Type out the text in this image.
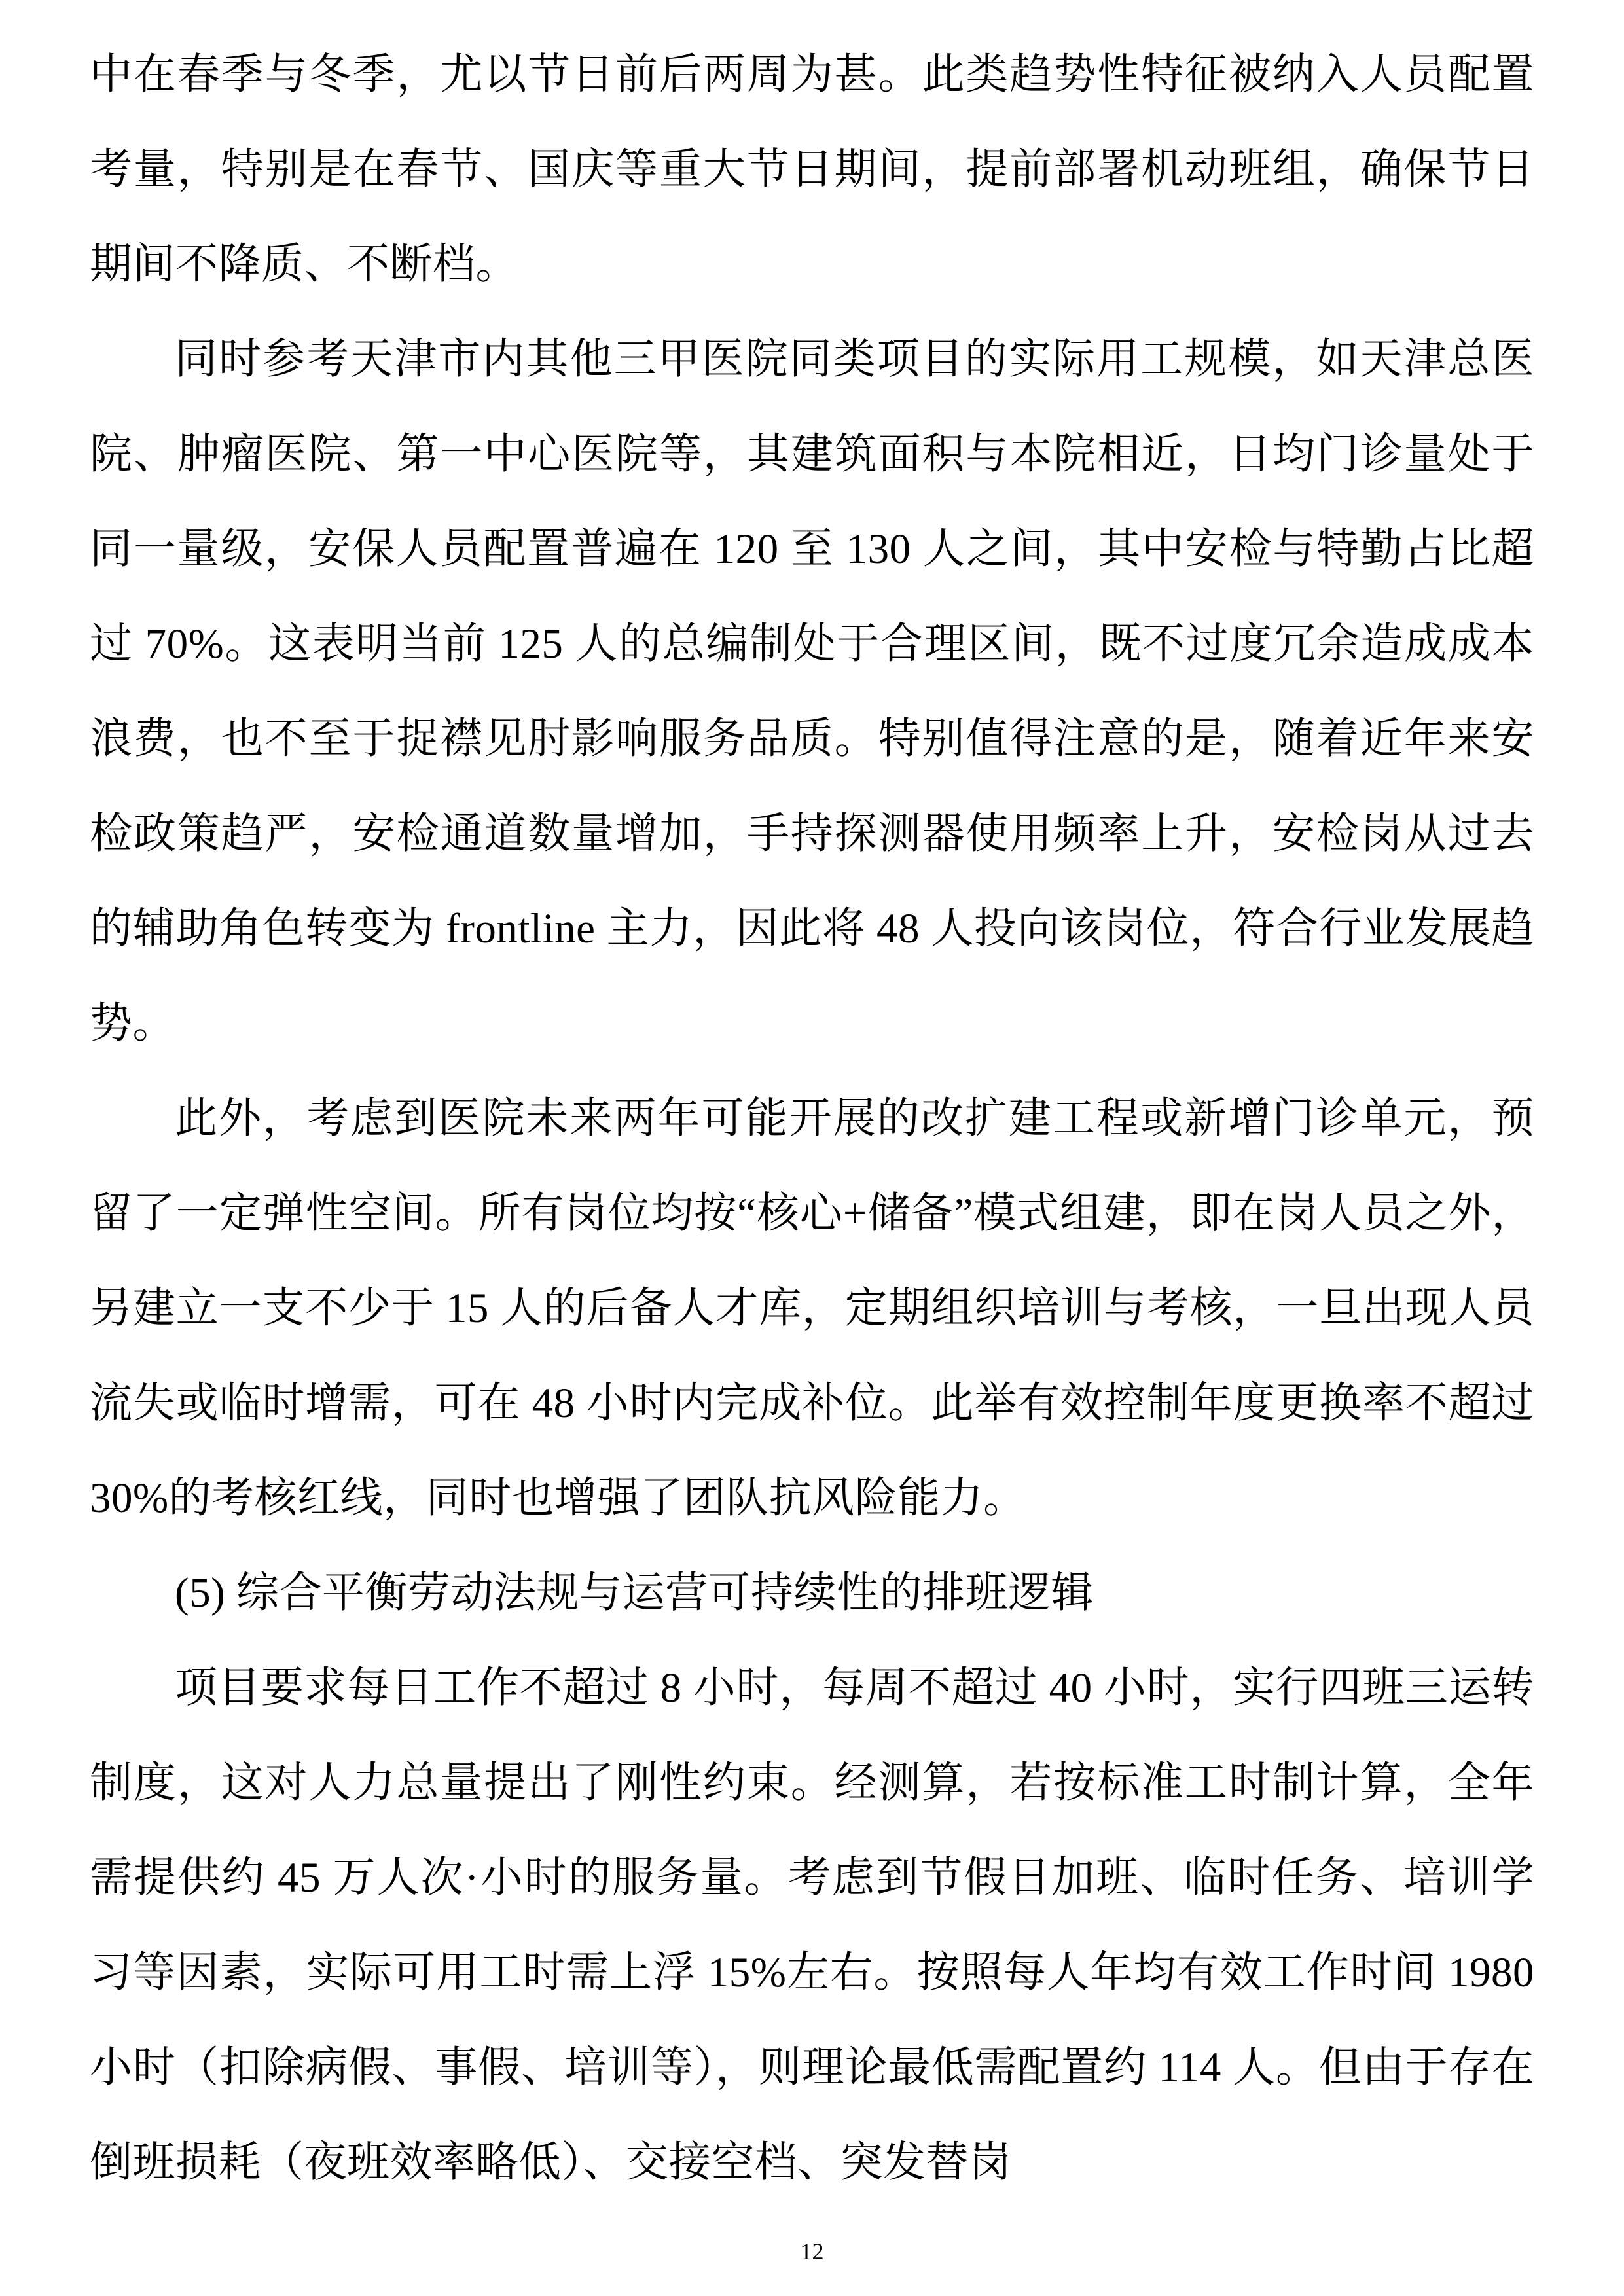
中在春季与冬季，尤以节日前后两周为甚。此类趋势性特征被纳入人员配置考量，特别是在春节、国庆等重大节日期间，提前部署机动班组，确保节日期间不降质、不断档。

同时参考天津市内其他三甲医院同类项目的实际用工规模，如天津总医院、肿瘤医院、第一中心医院等，其建筑面积与本院相近，日均门诊量处于同一量级，安保人员配置普遍在 120 至 130 人之间，其中安检与特勤占比超过 70%。这表明当前 125 人的总编制处于合理区间，既不过度冗余造成成本浪费，也不至于捉襟见肘影响服务品质。特别值得注意的是，随着近年来安检政策趋严，安检通道数量增加，手持探测器使用频率上升，安检岗从过去的辅助角色转变为 frontline 主力，因此将 48 人投向该岗位，符合行业发展趋势。

此外，考虑到医院未来两年可能开展的改扩建工程或新增门诊单元，预留了一定弹性空间。所有岗位均按“核心+储备”模式组建，即在岗人员之外，另建立一支不少于 15 人的后备人才库，定期组织培训与考核，一旦出现人员流失或临时增需，可在 48 小时内完成补位。此举有效控制年度更换率不超过 30%的考核红线，同时也增强了团队抗风险能力。

(5) 综合平衡劳动法规与运营可持续性的排班逻辑

项目要求每日工作不超过 8 小时，每周不超过 40 小时，实行四班三运转制度，这对人力总量提出了刚性约束。经测算，若按标准工时制计算，全年需提供约 45 万人次·小时的服务量。考虑到节假日加班、临时任务、培训学习等因素，实际可用工时需上浮 15%左右。按照每人年均有效工作时间 1980 小时（扣除病假、事假、培训等），则理论最低需配置约 114 人。但由于存在倒班损耗（夜班效率略低）、交接空档、突发替岗

12
